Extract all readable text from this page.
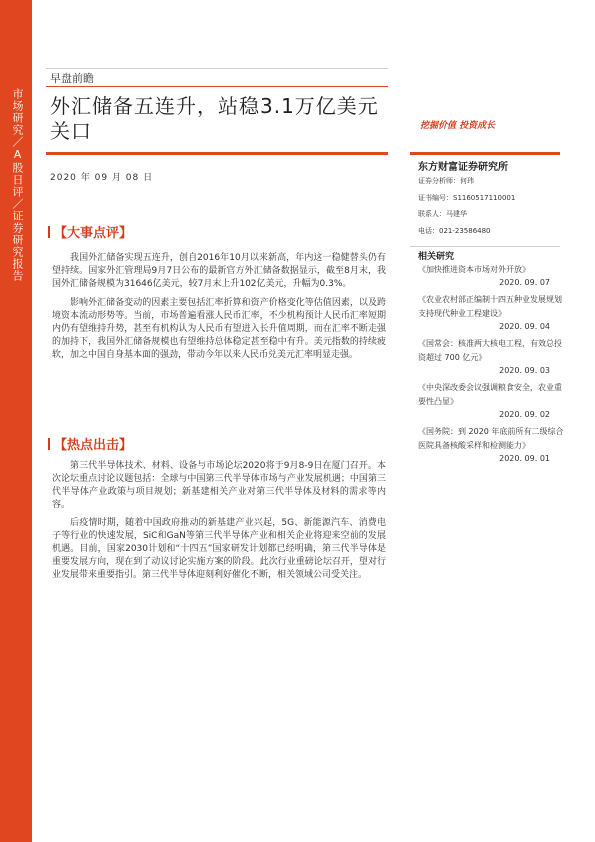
市场研究／A股日评／证券研究报告
早盘前瞻
外汇储备五连升，站稳3.1万亿美元关口
2020 年 09 月 08 日
【大事点评】

我国外汇储备实现五连升，创自2016年10月以来新高，年内这一稳健替头仍有望持续。国家外汇管理局9月7日公布的最新官方外汇储备数据显示，截至8月末，我国外汇储备规模为31646亿美元，较7月末上升102亿美元，升幅为0.3%。

影响外汇储备变动的因素主要包括汇率折算和资产价格变化等估值因素，以及跨境资本流动形势等。当前，市场普遍看涨人民币汇率，不少机构预计人民币汇率短期内仍有望维持升势，甚至有机构认为人民币有望进入长升值周期，而在汇率不断走强的加持下，我国外汇储备规模也有望维持总体稳定甚至稳中有升。美元指数的持续疲软，加之中国自身基本面的强劲，带动今年以来人民币兑美元汇率明显走强。

【热点出击】

第三代半导体技术、材料、设备与市场论坛2020将于9月8-9日在厦门召开。本次论坛重点讨论议题包括：全球与中国第三代半导体市场与产业发展机遇；中国第三代半导体产业政策与项目规划；新基建相关产业对第三代半导体及材料的需求等内容。

后疫情时期，随着中国政府推动的新基建产业兴起，5G、新能源汽车、消费电子等行业的快速发展，SiC和GaN等第三代半导体产业和相关企业将迎来空前的发展机遇。目前，国家2030计划和“十四五”国家研发计划都已经明确，第三代半导体是重要发展方向，现在到了动议讨论实施方案的阶段。此次行业重磅论坛召开，望对行业发展带来重要指引。第三代半导体迎刻利好催化不断，相关领域公司受关注。

挖掘价值 投资成长
东方财富证券研究所
证券分析师：何玮
证书编号：S1160517110001
联系人：马建华
电话：021-23586480
相关研究
《加快推进资本市场对外开放》
2020. 09. 07
《农业农村部正编制十四五种业发展规划 支持现代种业工程建设》
2020. 09. 04
《国常会：核准两大核电工程，有效总投资超过 700 亿元》
2020. 09. 03
《中央深改委会议强调粮食安全，农业重要性凸显》
2020. 09. 02
《国务院：到 2020 年底前所有二级综合医院具备核酸采样和检测能力》
2020. 09. 01
